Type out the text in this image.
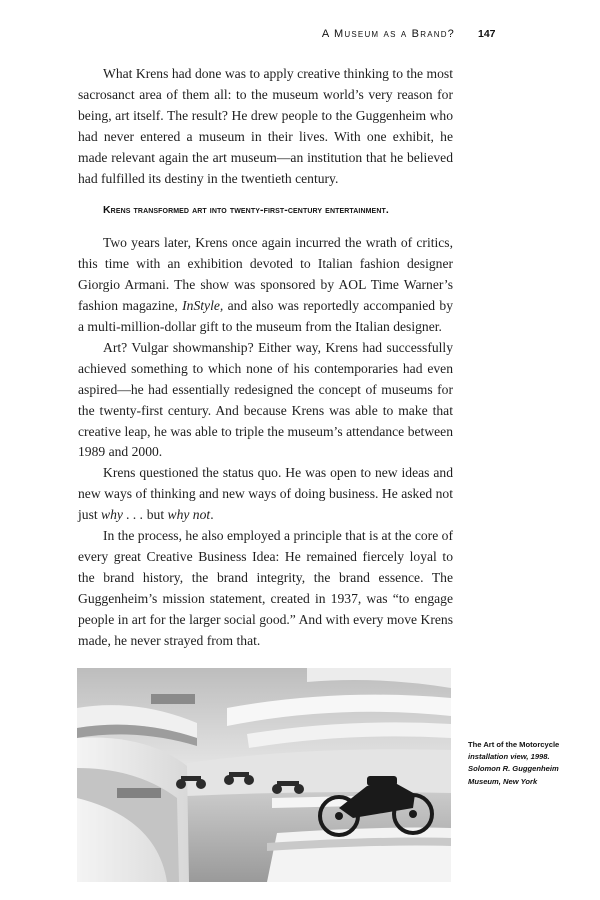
A Museum as a Brand? 147

What Krens had done was to apply creative thinking to the most sacrosanct area of them all: to the museum world’s very reason for being, art itself. The result? He drew people to the Guggenheim who had never entered a museum in their lives. With one exhibit, he made relevant again the art museum—an institution that he believed had fulfilled its destiny in the twentieth century.

Krens transformed art into twenty-first-century entertainment.

Two years later, Krens once again incurred the wrath of critics, this time with an exhibition devoted to Italian fashion designer Giorgio Armani. The show was sponsored by AOL Time Warner’s fashion magazine, InStyle, and also was reportedly accompanied by a multi-million-dollar gift to the museum from the Italian designer.

Art? Vulgar showmanship? Either way, Krens had successfully achieved something to which none of his contemporaries had even aspired—he had essentially redesigned the concept of museums for the twenty-first century. And because Krens was able to make that creative leap, he was able to triple the museum’s attendance between 1989 and 2000.

Krens questioned the status quo. He was open to new ideas and new ways of thinking and new ways of doing business. He asked not just why . . . but why not.

In the process, he also employed a principle that is at the core of every great Creative Business Idea: He remained fiercely loyal to the brand history, the brand integrity, the brand essence. The Guggenheim’s mission statement, created in 1937, was “to engage people in art for the larger social good.” And with every move Krens made, he never strayed from that.

The Art of the Motorcycle
installation view, 1998.
Solomon R. Guggenheim
Museum, New York
